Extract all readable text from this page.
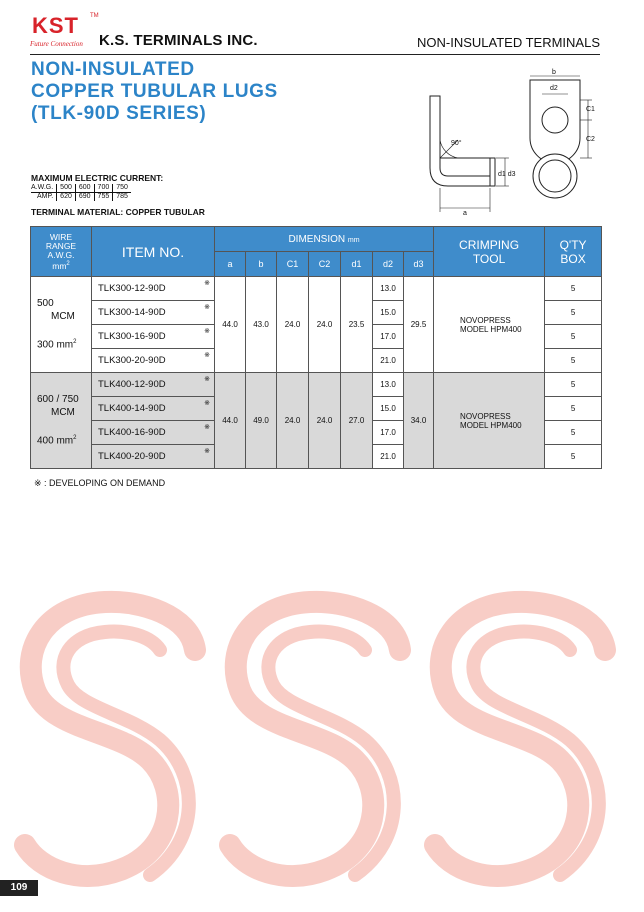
KST TM
Future Connection K.S. TERMINALS INC.	NON-INSULATED TERMINALS
NON-INSULATED
COPPER TUBULAR LUGS
(TLK-90D SERIES)
MAXIMUM ELECTRIC CURRENT:
A.W.G.	500	600	700	750
AMP.	620	690	755	785
TERMINAL MATERIAL: COPPER TUBULAR
90°
b
d2
C1
C2
d1 d3
a
WIRE
RANGE
A.W.G.
$mm^2$	ITEM NO.	DIMENSION mm							CRIMPING
TOOL	Q'TY
BOX
		a	b	C1	C2	d1	d2	d3		
500
MCM

300 $mm^2$	TLK300-12-90D ※	44.0	43.0	24.0	24.0	23.5	13.0	29.5	NOVOPRESS
MODEL HPM400	5
	TLK300-14-90D ※						15.0			5
	TLK300-16-90D ※						17.0			5
	TLK300-20-90D ※						21.0			5
600 / 750
MCM

400 $mm^2$	TLK400-12-90D ※	44.0	49.0	24.0	24.0	27.0	13.0	34.0	NOVOPRESS
MODEL HPM400	5
	TLK400-14-90D ※						15.0			5
	TLK400-16-90D ※						17.0			5
	TLK400-20-90D ※						21.0			5
※ : DEVELOPING ON DEMAND
109
